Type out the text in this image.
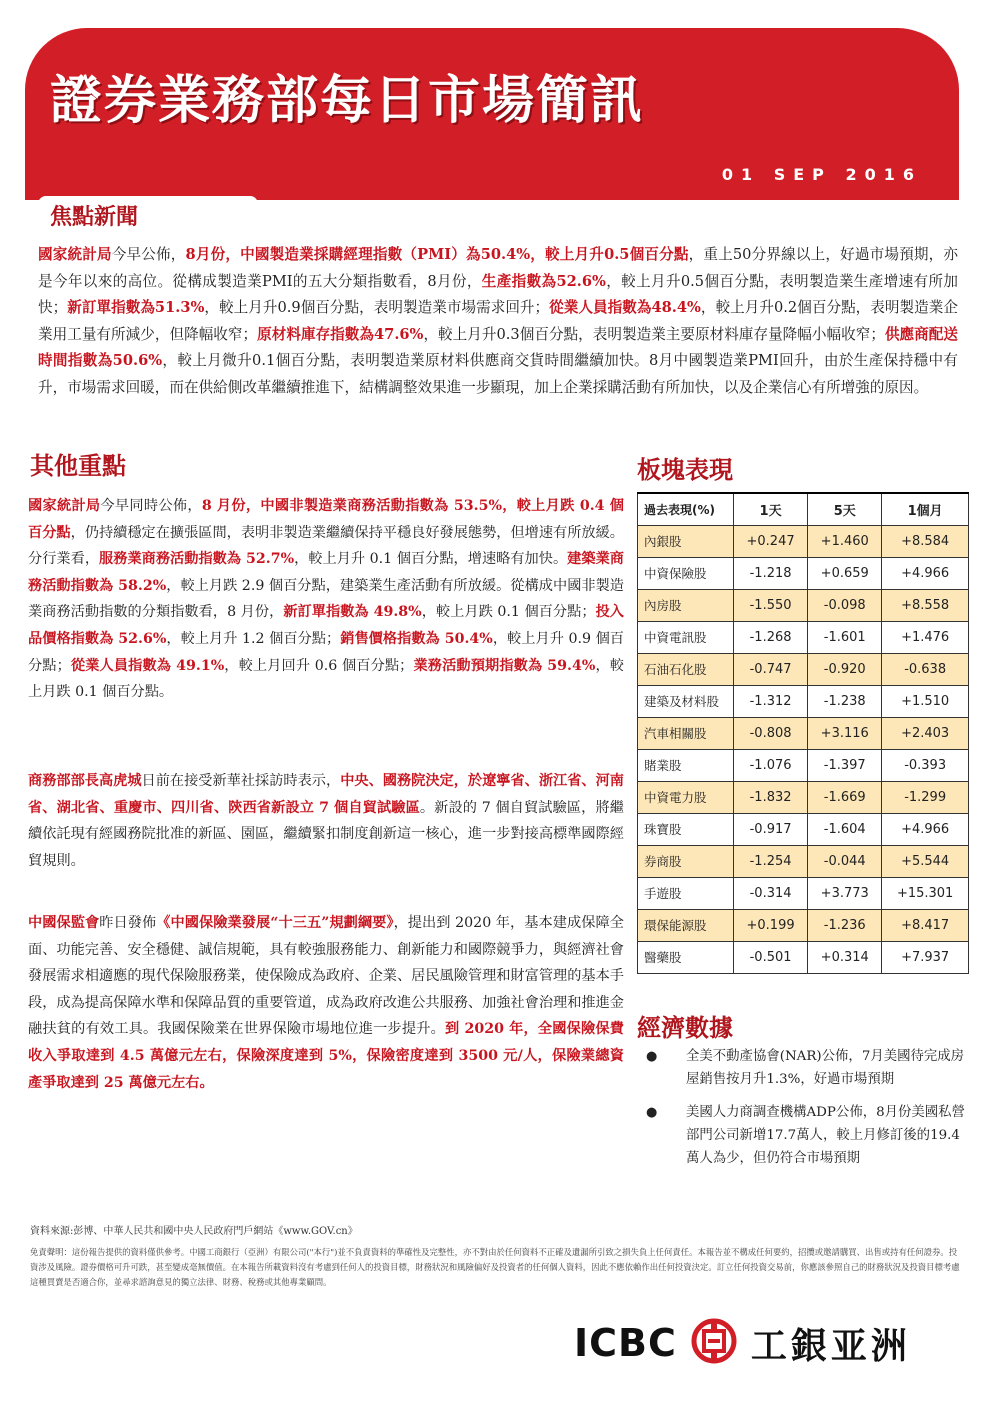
證券業務部每日市場簡訊
01 SEP 2016
焦點新聞
國家統計局今早公佈，8月份，中國製造業採購經理指數（PMI）為50.4%，較上月升0.5個百分點，重上50分界線以上，好過市場預期，亦是今年以來的高位。從構成製造業PMI的五大分類指數看，8月份，生產指數為52.6%，較上月升0.5個百分點，表明製造業生產增速有所加快；新訂單指數為51.3%，較上月升0.9個百分點，表明製造業市場需求回升；從業人員指數為48.4%，較上月升0.2個百分點，表明製造業企業用工量有所減少，但降幅收窄；原材料庫存指數為47.6%，較上月升0.3個百分點，表明製造業主要原材料庫存量降幅小幅收窄；供應商配送時間指數為50.6%，較上月微升0.1個百分點，表明製造業原材料供應商交貨時間繼續加快。8月中國製造業PMI回升，由於生產保持穩中有升，市場需求回暖，而在供給側改革繼續推進下，結構調整效果進一步顯現，加上企業採購活動有所加快，以及企業信心有所增強的原因。
其他重點
國家統計局今早同時公佈，8 月份，中國非製造業商務活動指數為 53.5%，較上月跌 0.4 個百分點，仍持續穩定在擴張區間，表明非製造業繼續保持平穩良好發展態勢，但增速有所放緩。分行業看，服務業商務活動指數為 52.7%，較上月升 0.1 個百分點，增速略有加快。建築業商務活動指數為 58.2%，較上月跌 2.9 個百分點，建築業生產活動有所放緩。從構成中國非製造業商務活動指數的分類指數看，8 月份，新訂單指數為 49.8%，較上月跌 0.1 個百分點；投入品價格指數為 52.6%，較上月升 1.2 個百分點；銷售價格指數為 50.4%，較上月升 0.9 個百分點；從業人員指數為 49.1%，較上月回升 0.6 個百分點；業務活動預期指數為 59.4%，較上月跌 0.1 個百分點。
商務部部長高虎城日前在接受新華社採訪時表示，中央、國務院決定，於遼寧省、浙江省、河南省、湖北省、重慶市、四川省、陝西省新設立 7 個自貿試驗區。新設的 7 個自貿試驗區，將繼續依託現有經國務院批准的新區、園區，繼續緊扣制度創新這一核心，進一步對接高標準國際經貿規則。
中國保監會昨日發佈《中國保險業發展“十三五”規劃綱要》，提出到 2020 年，基本建成保障全面、功能完善、安全穩健、誠信規範，具有較強服務能力、創新能力和國際競爭力，與經濟社會發展需求相適應的現代保險服務業，使保險成為政府、企業、居民風險管理和財富管理的基本手段，成為提高保障水準和保障品質的重要管道，成為政府改進公共服務、加強社會治理和推進金融扶貧的有效工具。我國保險業在世界保險市場地位進一步提升。到 2020 年，全國保險保費收入爭取達到 4.5 萬億元左右，保險深度達到 5%，保險密度達到 3500 元/人，保險業總資產爭取達到 25 萬億元左右。
板塊表現
過去表現(%)	1天	5天	1個月
內銀股	+0.247	+1.460	+8.584
中資保險股	-1.218	+0.659	+4.966
內房股	-1.550	-0.098	+8.558
中資電訊股	-1.268	-1.601	+1.476
石油石化股	-0.747	-0.920	-0.638
建築及材料股	-1.312	-1.238	+1.510
汽車相關股	-0.808	+3.116	+2.403
賭業股	-1.076	-1.397	-0.393
中資電力股	-1.832	-1.669	-1.299
珠寶股	-0.917	-1.604	+4.966
券商股	-1.254	-0.044	+5.544
手遊股	-0.314	+3.773	+15.301
環保能源股	+0.199	-1.236	+8.417
醫藥股	-0.501	+0.314	+7.937
經濟數據
● 全美不動產協會(NAR)公佈，7月美國待完成房屋銷售按月升1.3%，好過市場預期
● 美國人力商調查機構ADP公佈，8月份美國私營部門公司新增17.7萬人，較上月修訂後的19.4萬人為少，但仍符合市場預期
資料來源:彭博、中華人民共和國中央人民政府門戶網站《www.GOV.cn》
免責聲明：這份報告提供的資料僅供參考。中國工商銀行（亞洲）有限公司("本行")並不負責資料的準確性及完整性，亦不對由於任何資料不正確及遺漏所引致之損失負上任何責任。本報告並不構成任何要約，招攬或邀請購買、出售或持有任何證券。投資涉及風險。證券價格可升可跌，甚至變成毫無價值。在本報告所載資料沒有考慮到任何人的投資目標，財務狀況和風險偏好及投資者的任何個人資料，因此不應依賴作出任何投資決定。訂立任何投資交易前，你應該參照自己的財務狀況及投資目標考慮這種買賣是否適合你，並尋求諮詢意見的獨立法律、財務、稅務或其他專業顧問。
ICBC 工銀亚洲
